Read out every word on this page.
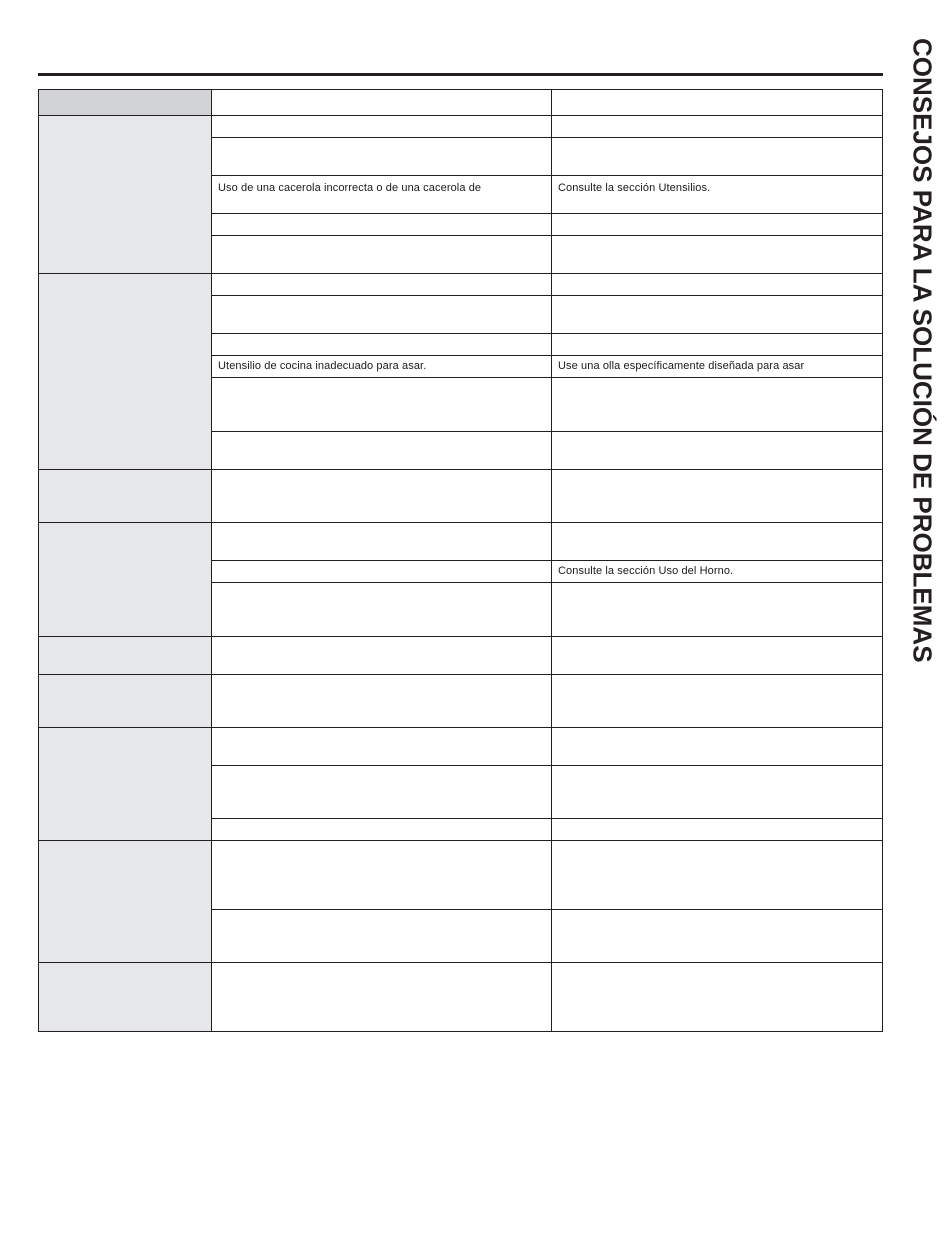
CONSEJOS PARA LA SOLUCIÓN DE PROBLEMAS

	Uso de una cacerola incorrecta o de una cacerola de	Consulte la sección Utensilios.

	Utensilio de cocina inadecuado para asar.	Use una olla específicamente diseñada para asar

		Consulte la sección Uso del Horno.
